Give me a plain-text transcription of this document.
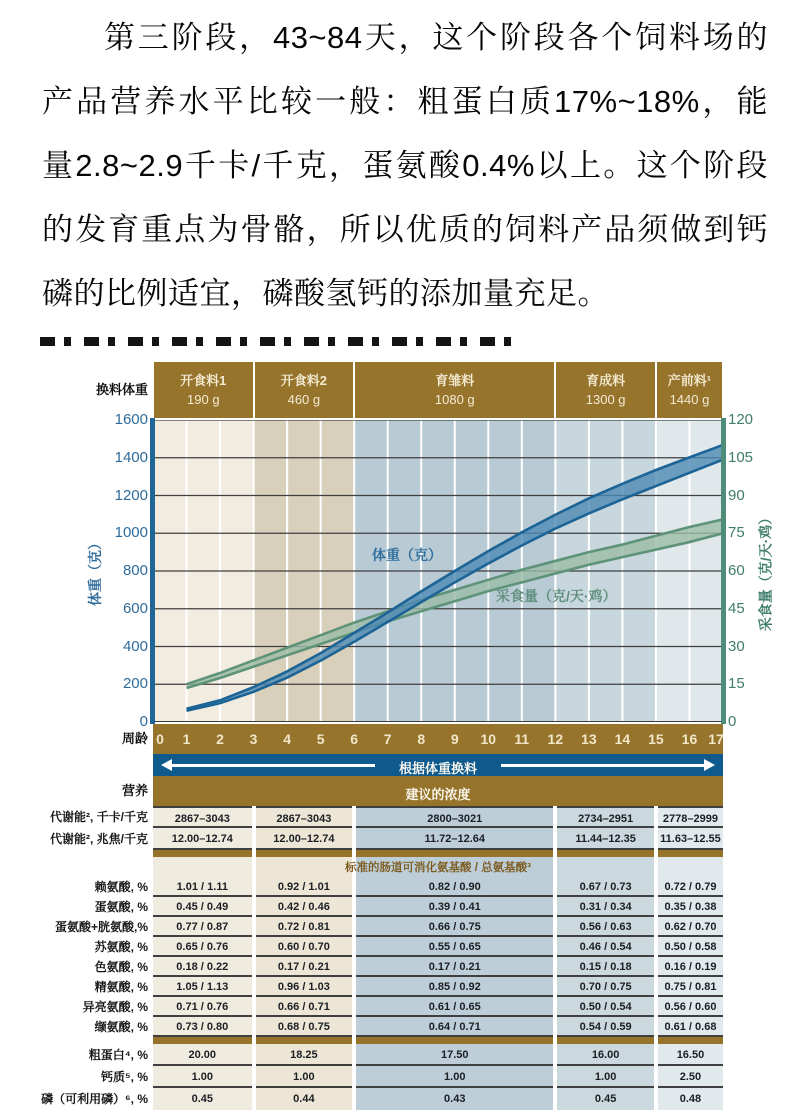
第三阶段，43~84天，这个阶段各个饲料场的
产品营养水平比较一般：粗蛋白质17%~18%，能
量2.8~2.9千卡/千克，蛋氨酸0.4%以上。这个阶段
的发育重点为骨骼，所以优质的饲料产品须做到钙
磷的比例适宜，磷酸氢钙的添加量充足。
换料体重
周龄
营养
体重（克）	采食量（克/天·鸡）
体重（克）
采食量（克/天·鸡）
根据体重换料
建议的浓度
代谢能², 千卡/千克	2867–3043	2867–3043	2800–3021	2734–2951	2778–2999
代谢能², 兆焦/千克	12.00–12.74	12.00–12.74	11.72–12.64	11.44–12.35	11.63–12.55
标准的肠道可消化氨基酸 / 总氨基酸³
赖氨酸, %	1.01 / 1.11	0.92 / 1.01	0.82 / 0.90	0.67 / 0.73	0.72 / 0.79
蛋氨酸, %	0.45 / 0.49	0.42 / 0.46	0.39 / 0.41	0.31 / 0.34	0.35 / 0.38
蛋氨酸+胱氨酸,%	0.77 / 0.87	0.72 / 0.81	0.66 / 0.75	0.56 / 0.63	0.62 / 0.70
苏氨酸, %	0.65 / 0.76	0.60 / 0.70	0.55 / 0.65	0.46 / 0.54	0.50 / 0.58
色氨酸, %	0.18 / 0.22	0.17 / 0.21	0.17 / 0.21	0.15 / 0.18	0.16 / 0.19
精氨酸, %	1.05 / 1.13	0.96 / 1.03	0.85 / 0.92	0.70 / 0.75	0.75 / 0.81
异亮氨酸, %	0.71 / 0.76	0.66 / 0.71	0.61 / 0.65	0.50 / 0.54	0.56 / 0.60
缬氨酸, %	0.73 / 0.80	0.68 / 0.75	0.64 / 0.71	0.54 / 0.59	0.61 / 0.68
粗蛋白⁴, %	20.00	18.25	17.50	16.00	16.50
钙质⁵, %	1.00	1.00	1.00	1.00	2.50
磷（可利用磷）⁶, %	0.45	0.44	0.43	0.45	0.48
开食料1
190 g
开食料2
460 g
育雏料
1080 g
育成料
1300 g
产前料¹
1440 g
0
200
400
600
800
1000
1200
1400
1600
0
15
30
45
60
75
90
105
120
0	1	2	3	4	5	6	7	8	9	10 11 12 13 14 15 16 17
